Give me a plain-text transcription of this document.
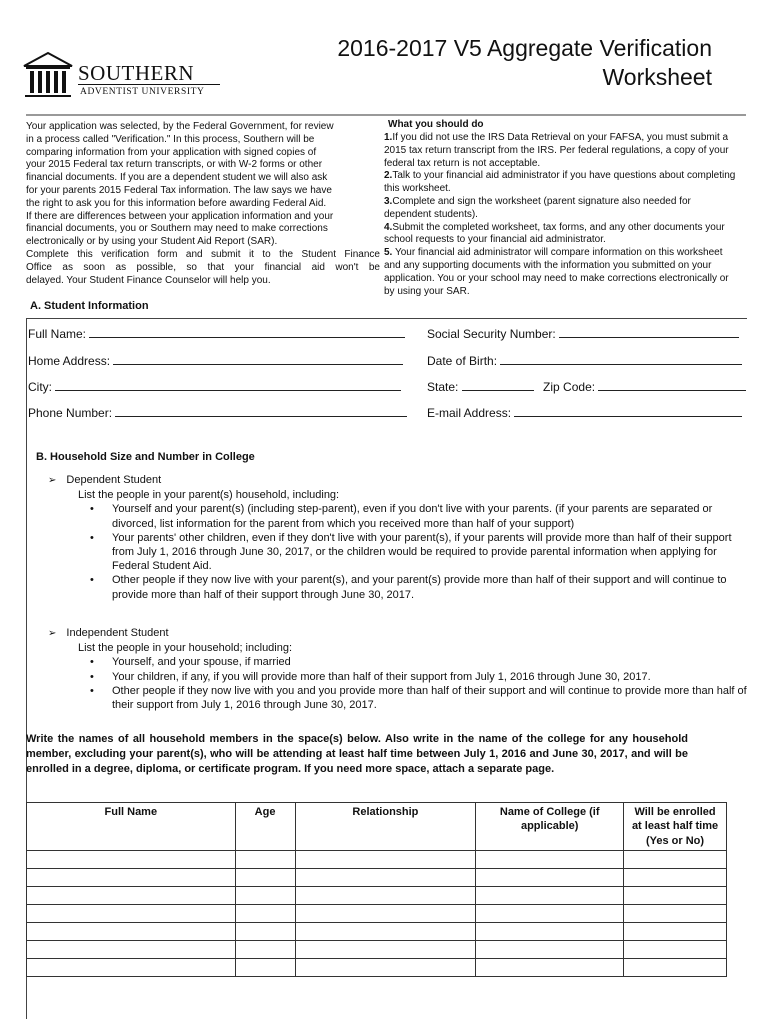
SOUTHERN
ADVENTIST UNIVERSITY
2016-2017 V5 Aggregate Verification
Worksheet
Your application was selected, by the Federal Government, for review
in a process called "Verification." In this process, Southern will be
comparing information from your application with signed copies of
your 2015 Federal tax return transcripts, or with W-2 forms or other
financial documents. If you are a dependent student we will also ask
for your parents 2015 Federal Tax information. The law says we have
the right to ask you for this information before awarding Federal Aid.
If there are differences between your application information and your
financial documents, you or Southern may need to make corrections
electronically or by using your Student Aid Report (SAR).
Complete this verification form and submit it to the Student Finance
Office as soon as possible, so that your financial aid won't be
delayed. Your Student Finance Counselor will help you.
What you should do

1.If you did not use the IRS Data Retrieval on your FAFSA, you must submit a 2015 tax return transcript from the IRS. Per federal regulations, a copy of your federal tax return is not acceptable.

2.Talk to your financial aid administrator if you have questions about completing this worksheet.

3.Complete and sign the worksheet (parent signature also needed for dependent students).

4.Submit the completed worksheet, tax forms, and any other documents your school requests to your financial aid administrator.

5. Your financial aid administrator will compare information on this worksheet and any supporting documents with the information you submitted on your application. You or your school may need to make corrections electronically or by using your SAR.

A. Student Information
Full Name:	Social Security Number:
Home Address:	Date of Birth:
City:	State:	Zip Code:
Phone Number:	E-mail Address:
B. Household Size and Number in College
➢ Dependent Student
List the people in your parent(s) household, including:
• Yourself and your parent(s) (including step-parent), even if you don't live with your parents. (if your parents are separated or divorced, list information for the parent from which you received more than half of your support)
• Your parents' other children, even if they don't live with your parent(s), if your parents will provide more than half of their support from July 1, 2016 through June 30, 2017, or the children would be required to provide parental information when applying for Federal Student Aid.
• Other people if they now live with your parent(s), and your parent(s) provide more than half of their support and will continue to provide more than half of their support through June 30, 2017.
➢ Independent Student
List the people in your household; including:
• Yourself, and your spouse, if married
• Your children, if any, if you will provide more than half of their support from July 1, 2016 through June 30, 2017.
• Other people if they now live with you and you provide more than half of their support and will continue to provide more than half of their support from July 1, 2016 through June 30, 2017.
Write the names of all household members in the space(s) below. Also write in the name of the college for any household member, excluding your parent(s), who will be attending at least half time between July 1, 2016 and June 30, 2017, and will be enrolled in a degree, diploma, or certificate program. If you need more space, attach a separate page.
Full Name	Age	Relationship	Name of College (if applicable)	Will be enrolled at least half time (Yes or No)
